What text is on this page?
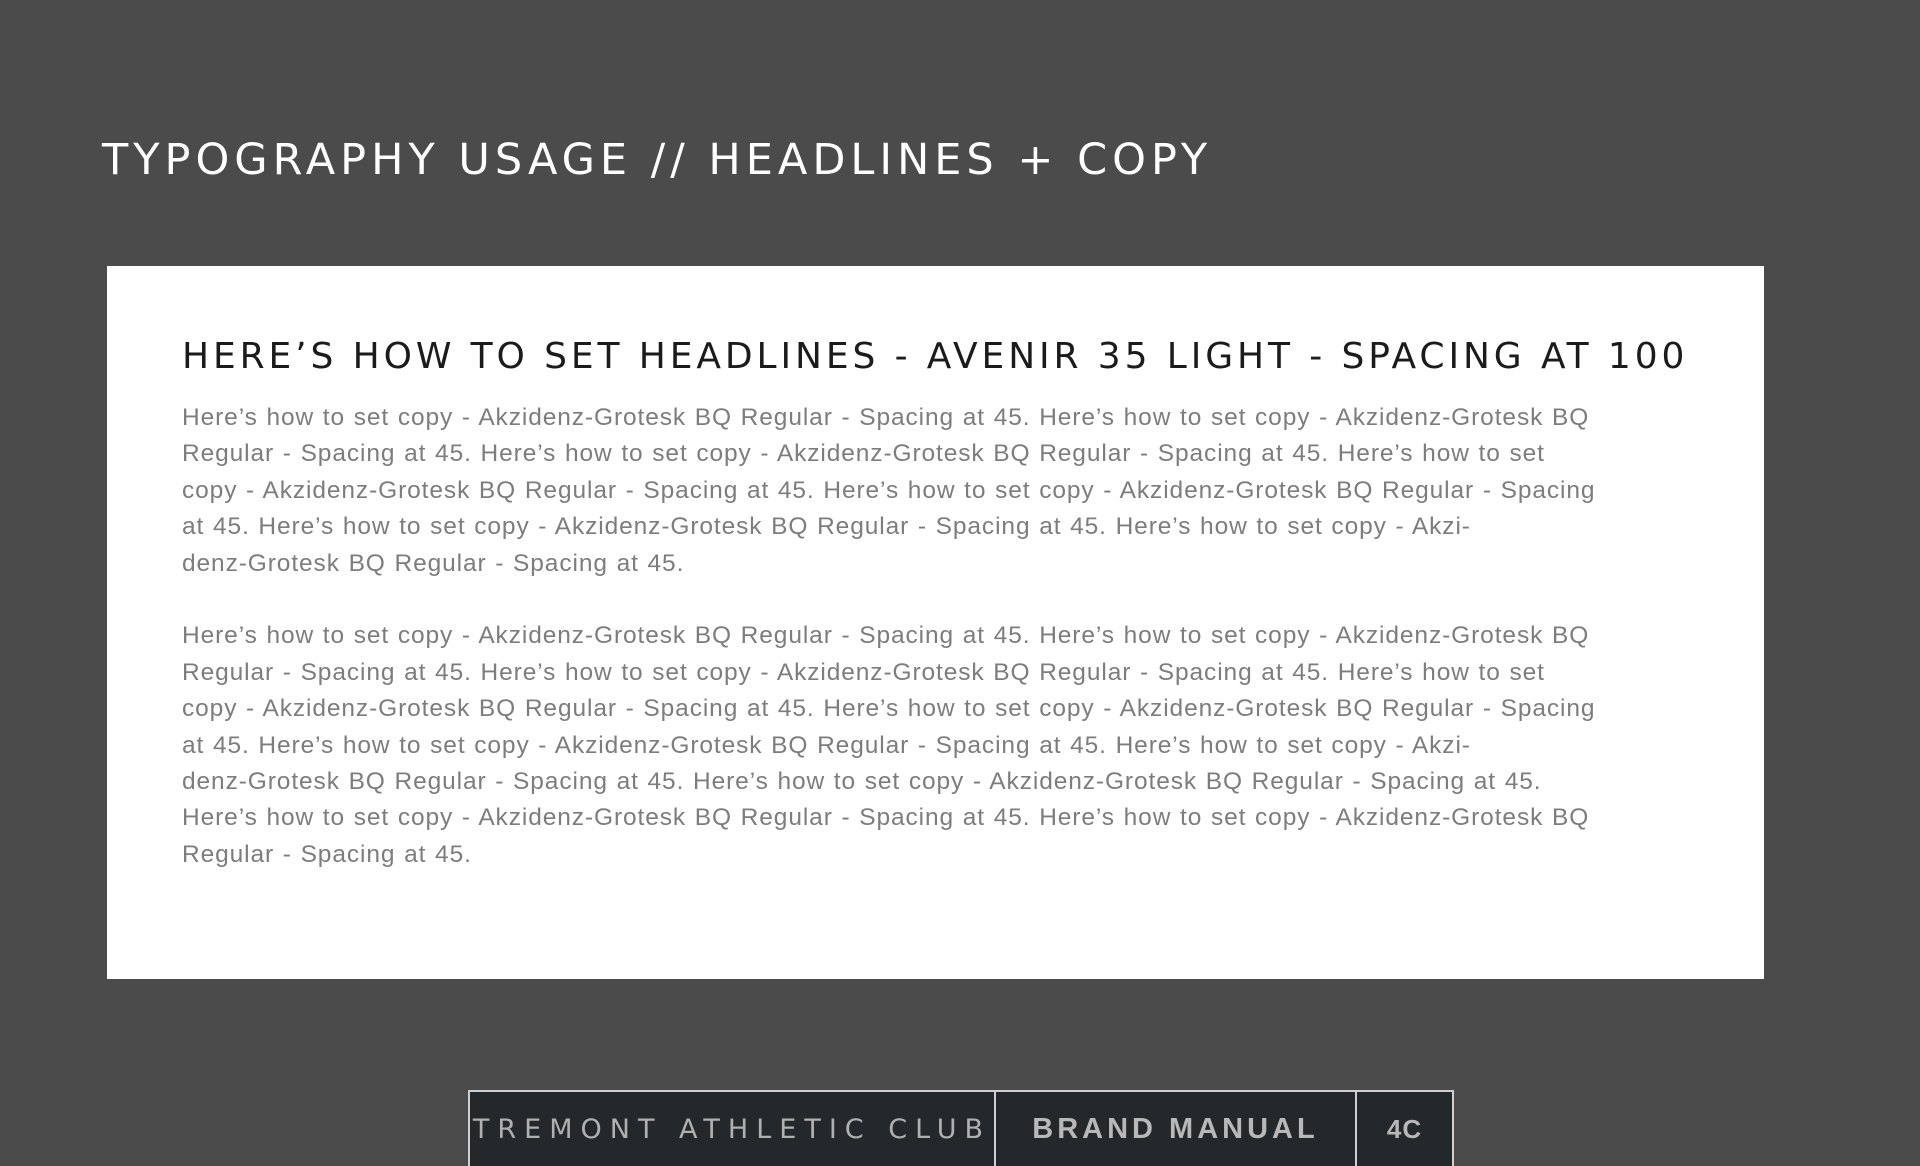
TYPOGRAPHY USAGE // HEADLINES + COPY
HERE’S HOW TO SET HEADLINES - AVENIR 35 LIGHT - SPACING AT 100

Here’s how to set copy - Akzidenz-Grotesk BQ Regular - Spacing at 45. Here’s how to set copy - Akzidenz-Grotesk BQ
Regular - Spacing at 45. Here’s how to set copy - Akzidenz-Grotesk BQ Regular - Spacing at 45. Here’s how to set
copy - Akzidenz-Grotesk BQ Regular - Spacing at 45. Here’s how to set copy - Akzidenz-Grotesk BQ Regular - Spacing
at 45. Here’s how to set copy - Akzidenz-Grotesk BQ Regular - Spacing at 45. Here’s how to set copy - Akzi-
denz-Grotesk BQ Regular - Spacing at 45.

Here’s how to set copy - Akzidenz-Grotesk BQ Regular - Spacing at 45. Here’s how to set copy - Akzidenz-Grotesk BQ
Regular - Spacing at 45. Here’s how to set copy - Akzidenz-Grotesk BQ Regular - Spacing at 45. Here’s how to set
copy - Akzidenz-Grotesk BQ Regular - Spacing at 45. Here’s how to set copy - Akzidenz-Grotesk BQ Regular - Spacing
at 45. Here’s how to set copy - Akzidenz-Grotesk BQ Regular - Spacing at 45. Here’s how to set copy - Akzi-
denz-Grotesk BQ Regular - Spacing at 45. Here’s how to set copy - Akzidenz-Grotesk BQ Regular - Spacing at 45.
Here’s how to set copy - Akzidenz-Grotesk BQ Regular - Spacing at 45. Here’s how to set copy - Akzidenz-Grotesk BQ
Regular - Spacing at 45.

TREMONT ATHLETIC CLUB	BRAND MANUAL	4C
